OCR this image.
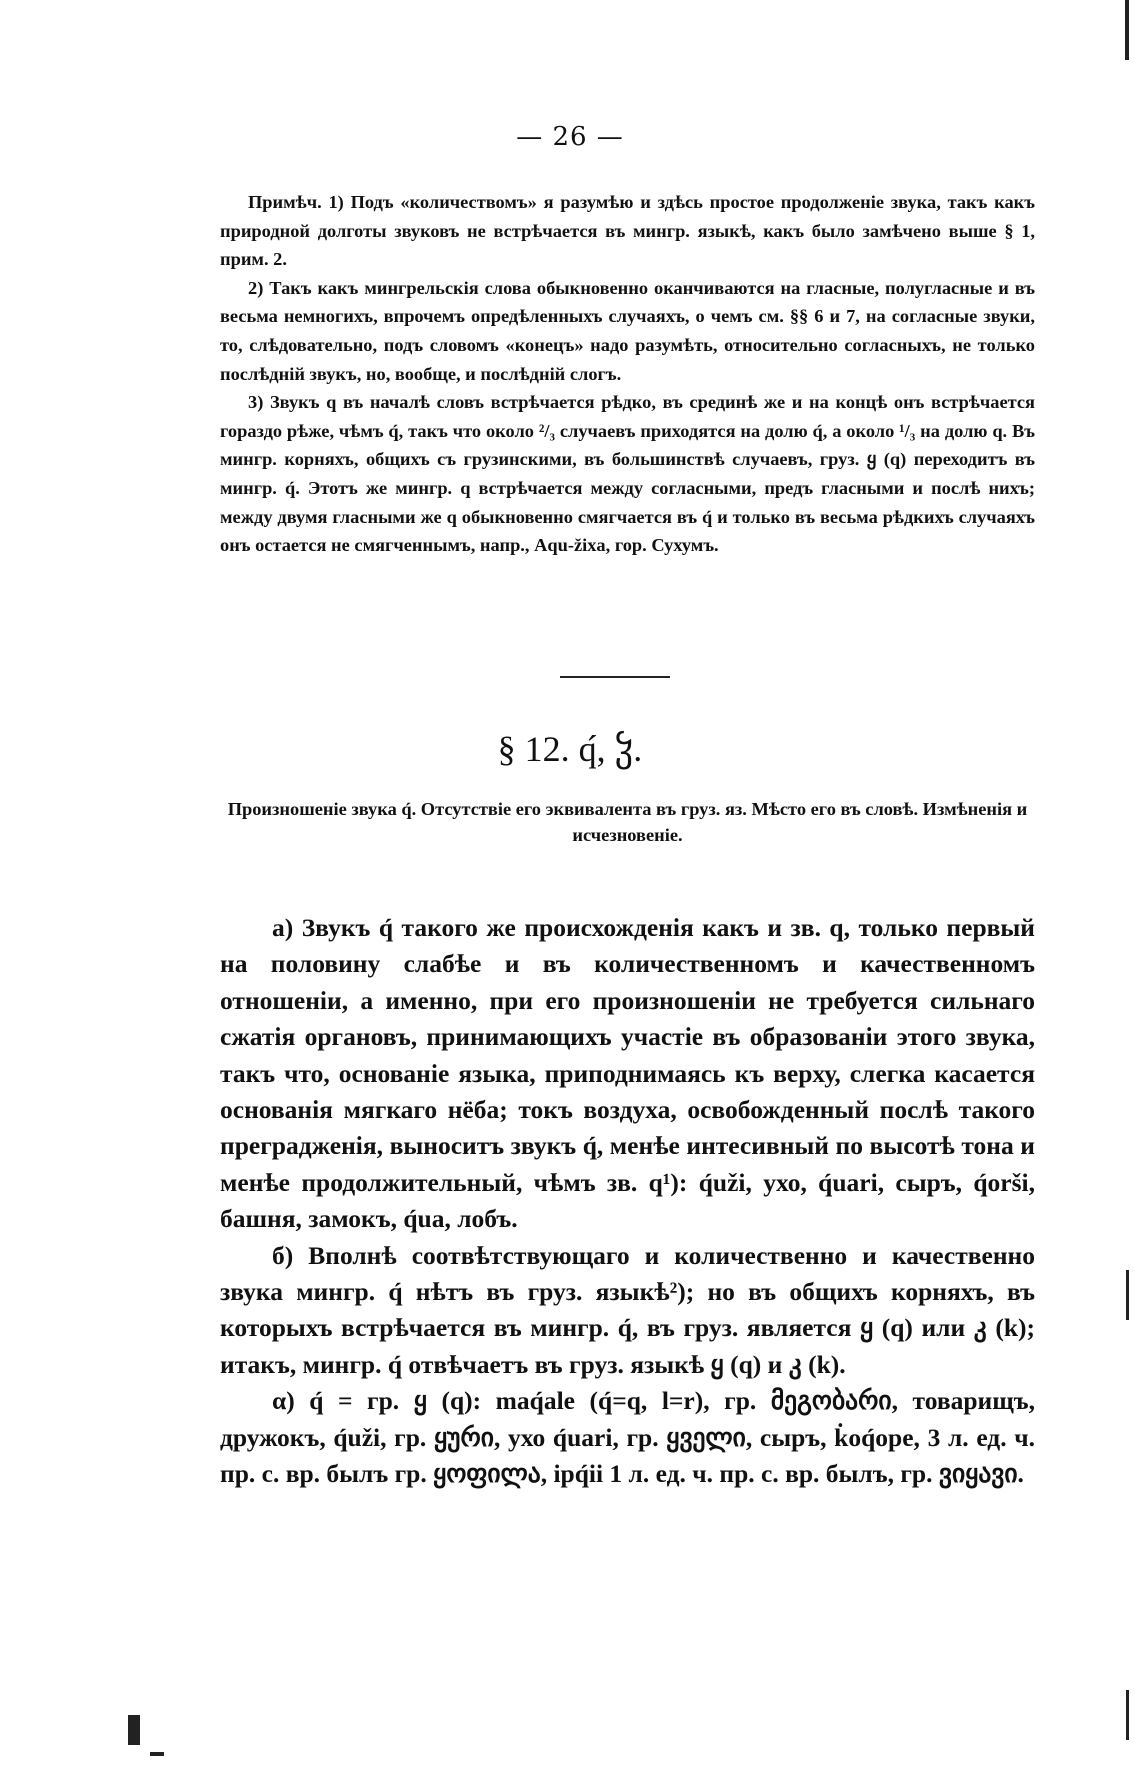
— 26 —

Примѣч. 1) Подъ «количествомъ» я разумѣю и здѣсь простое продолженіе звука, такъ какъ природной долготы звуковъ не встрѣчается въ мингр. языкѣ, какъ было замѣчено выше § 1, прим. 2.

2) Такъ какъ мингрельскія слова обыкновенно оканчиваются на гласные, полугласные и въ весьма немногихъ, впрочемъ опредѣленныхъ случаяхъ, о чемъ см. §§ 6 и 7, на согласные звуки, то, слѣдовательно, подъ словомъ «конецъ» надо разумѣть, относительно согласныхъ, не только послѣдній звукъ, но, вообще, и послѣдній слогъ.

3) Звукъ q въ началѣ словъ встрѣчается рѣдко, въ срединѣ же и на концѣ онъ встрѣчается гораздо рѣже, чѣмъ q́, такъ что около ²/₃ случаевъ приходятся на долю q́, а около ¹/₃ на долю q. Въ мингр. корняхъ, общихъ съ грузинскими, въ большинствѣ случаевъ, груз. ყ (q) переходитъ въ мингр. q́. Этотъ же мингр. q встрѣчается между согласными, предъ гласными и послѣ нихъ; между двумя гласными же q обыкновенно смягчается въ q́ и только въ весьма рѣдкихъ случаяхъ онъ остается не смягченнымъ, напр., Aqu-žixa, гор. Сухумъ.

§ 12. q́, ჴ.
Произношеніе звука q́. Отсутствіе его эквивалента въ груз. яз. Мѣсто его въ словѣ. Измѣненія и исчезновеніе.

а) Звукъ q́ такого же происхожденія какъ и зв. q, только первый на половину слабѣе и въ количественномъ и качественномъ отношеніи, а именно, при его произношеніи не требуется сильнаго сжатія органовъ, принимающихъ участіе въ образованіи этого звука, такъ что, основаніе языка, приподнимаясь къ верху, слегка касается основанія мягкаго нёба; токъ воздуха, освобожденный послѣ такого преградженія, выноситъ звукъ q́, менѣе интесивный по высотѣ тона и менѣе продолжительный, чѣмъ зв. q¹): q́uži, ухо, q́uari, сыръ, q́orši, башня, замокъ, q́ua, лобъ.

б) Вполнѣ соотвѣтствующаго и количественно и качественно звука мингр. q́ нѣтъ въ груз. языкѣ²); но въ общихъ корняхъ, въ которыхъ встрѣчается въ мингр. q́, въ груз. является ყ (q) или კ (k); итакъ, мингр. q́ отвѣчаетъ въ груз. языкѣ ყ (q) и კ (k).

α) q́ = гр. ყ (q): maq́ale (q́=q, l=r), гр. მეგობარი, товарищъ, дружокъ, q́uži, гр. ყური, ухо q́uari, гр. ყველი, сыръ, k̇oq́ope, 3 л. ед. ч. пр. с. вр. былъ гр. ყოფილა, ipq́ii 1 л. ед. ч. пр. с. вр. былъ, гр. ვიყავი.
